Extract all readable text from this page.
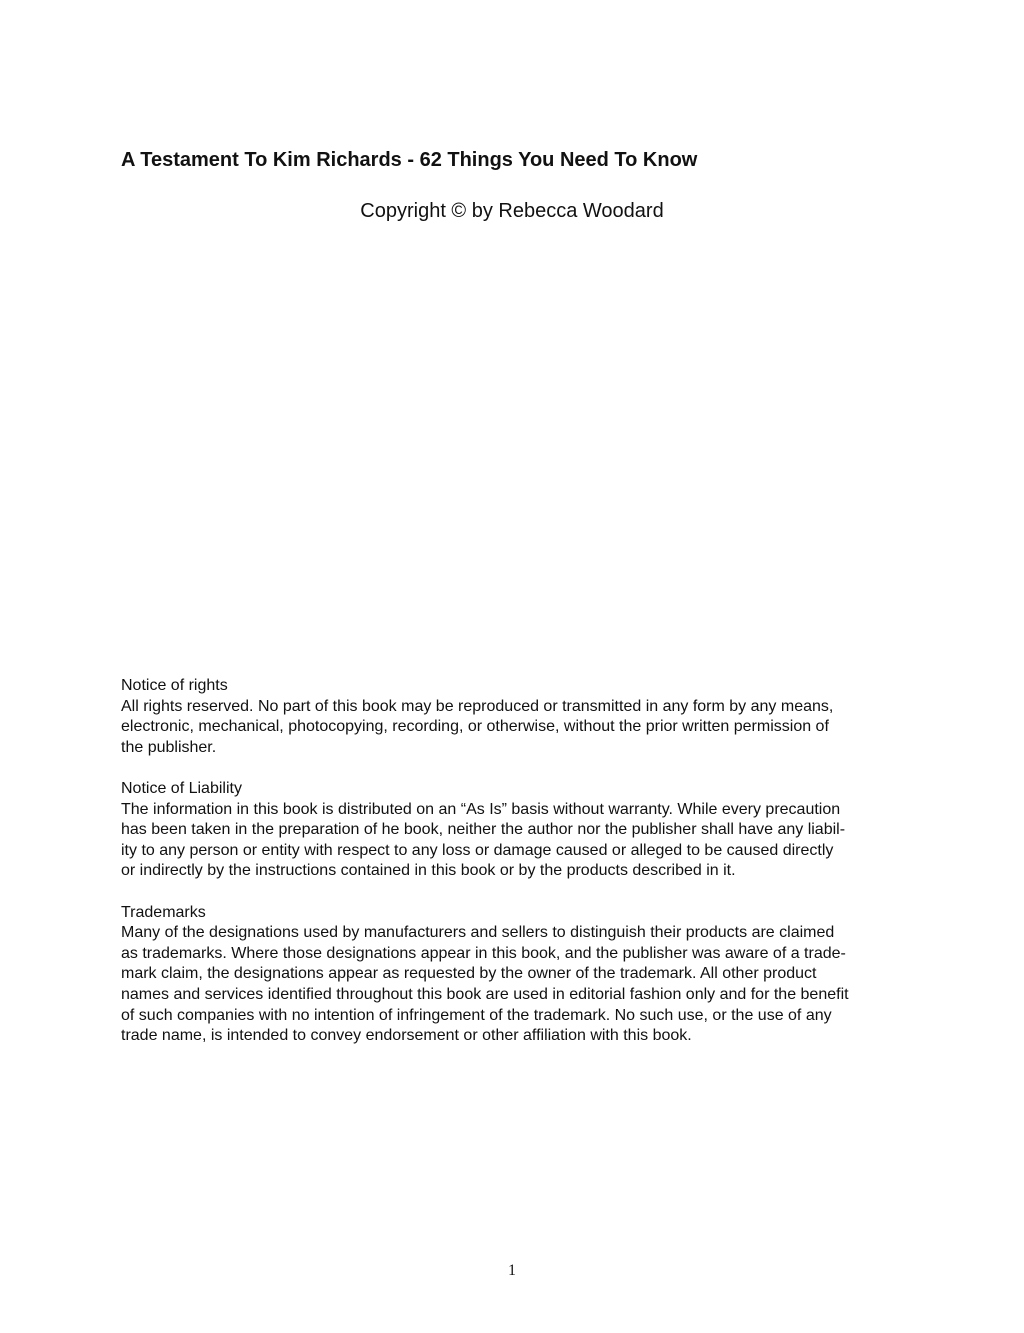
A Testament To Kim Richards - 62 Things You Need To Know

Copyright © by Rebecca Woodard

Notice of rights
All rights reserved. No part of this book may be reproduced or transmitted in any form by any means,
electronic, mechanical, photocopying, recording, or otherwise, without the prior written permission of
the publisher.
Notice of Liability
The information in this book is distributed on an “As Is” basis without warranty. While every precaution
has been taken in the preparation of he book, neither the author nor the publisher shall have any liabil-
ity to any person or entity with respect to any loss or damage caused or alleged to be caused directly
or indirectly by the instructions contained in this book or by the products described in it.
Trademarks
Many of the designations used by manufacturers and sellers to distinguish their products are claimed
as trademarks. Where those designations appear in this book, and the publisher was aware of a trade-
mark claim, the designations appear as requested by the owner of the trademark. All other product
names and services identified throughout this book are used in editorial fashion only and for the benefit
of such companies with no intention of infringement of the trademark. No such use, or the use of any
trade name, is intended to convey endorsement or other affiliation with this book.

1
